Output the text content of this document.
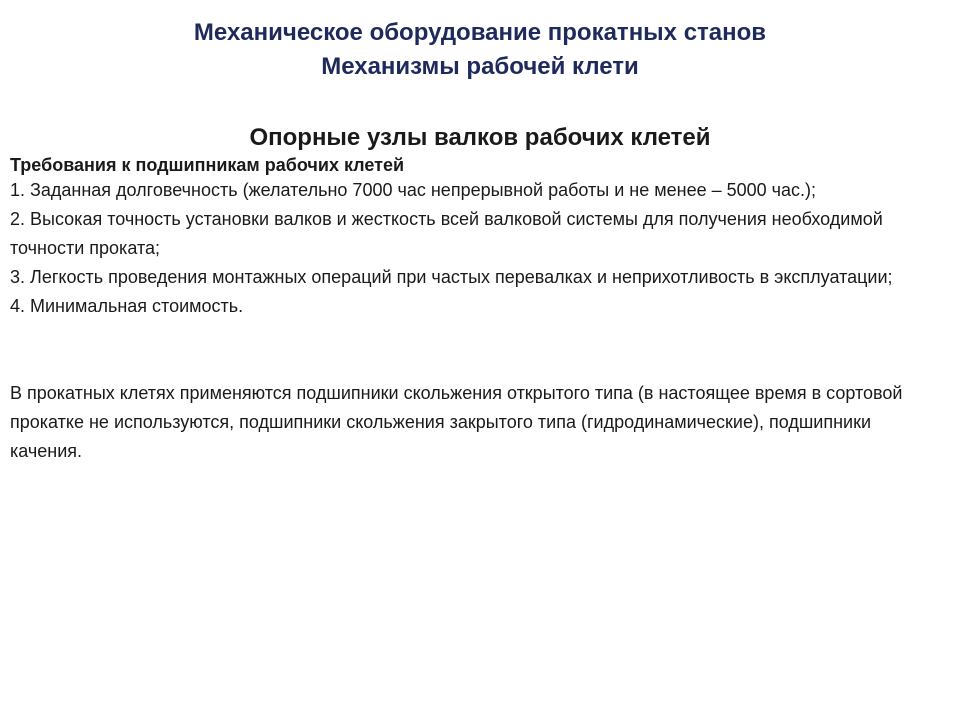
Механическое оборудование прокатных станов
Механизмы рабочей клети
Опорные узлы валков рабочих клетей

Требования к подшипникам рабочих клетей

1. Заданная долговечность (желательно 7000 час непрерывной работы и не менее – 5000 час.);
2. Высокая точность установки валков и жесткость всей валковой системы для получения необходимой точности проката;
3. Легкость проведения монтажных операций при частых перевалках и неприхотливость в эксплуатации;
4. Минимальная стоимость.

В прокатных клетях применяются подшипники скольжения открытого типа (в настоящее время в сортовой прокатке не используются, подшипники скольжения закрытого типа (гидродинамические), подшипники качения.
